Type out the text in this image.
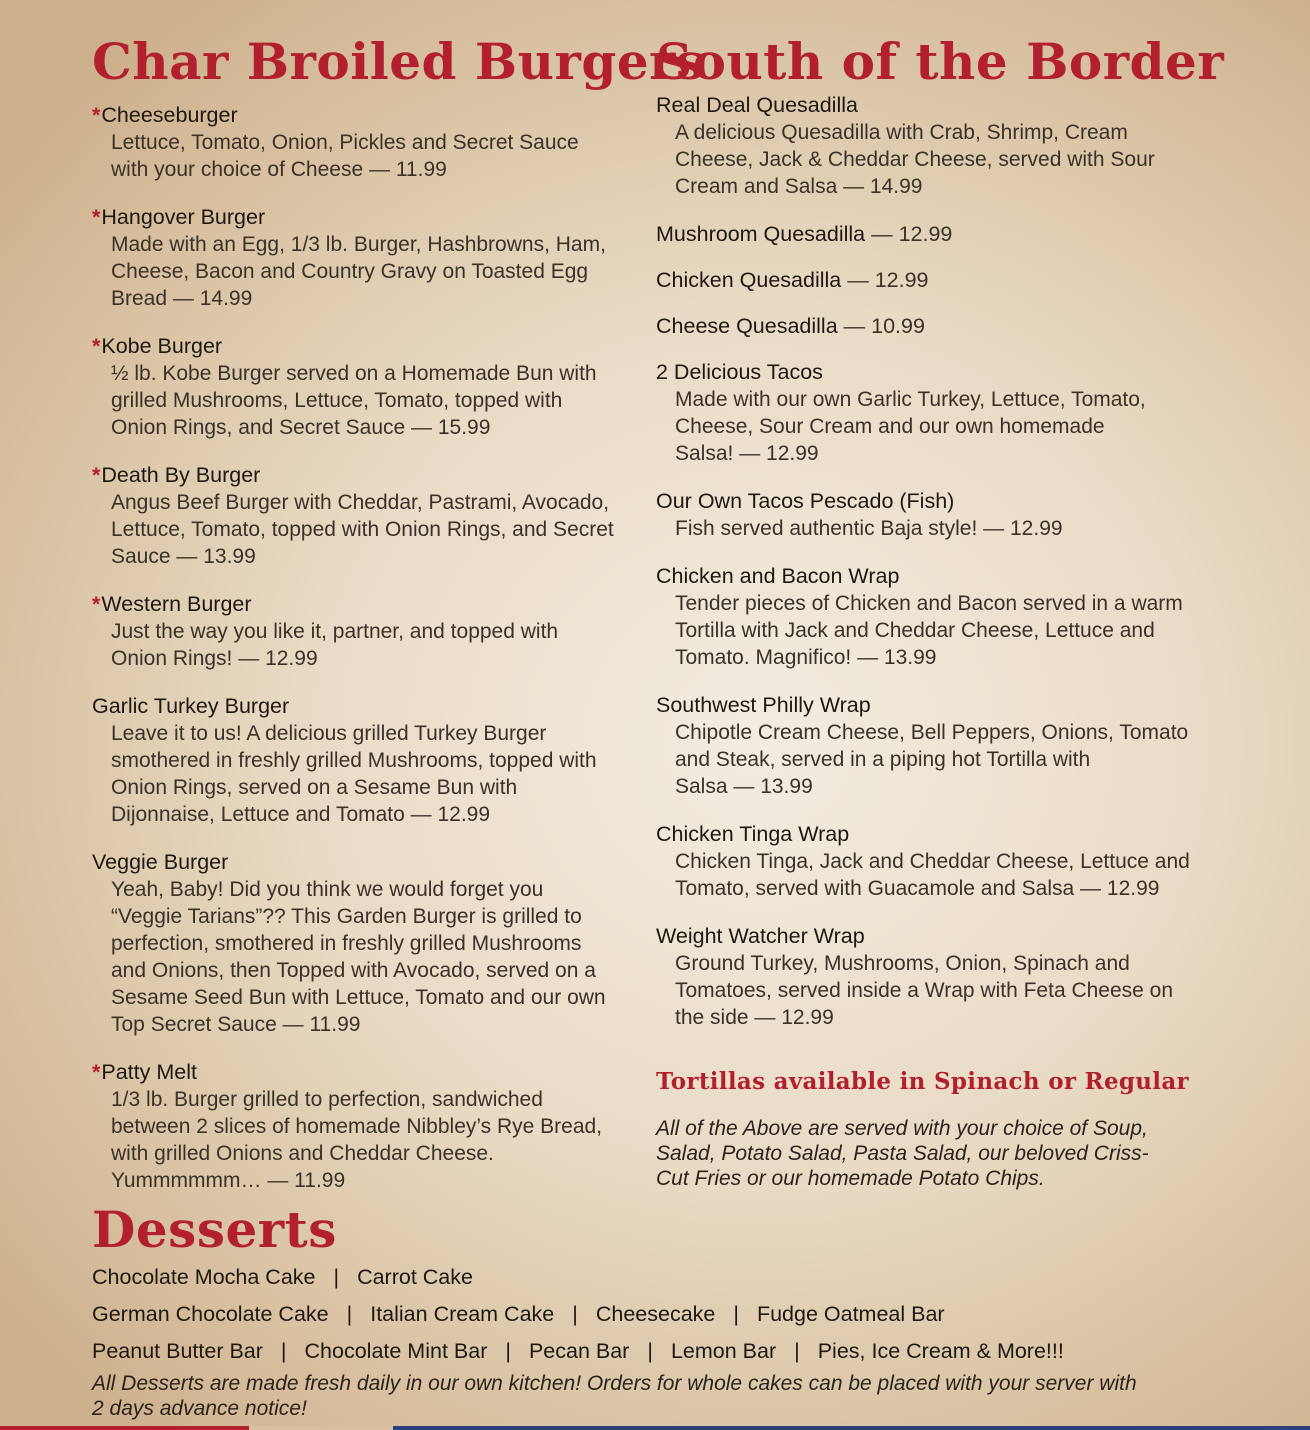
Char Broiled Burgers
*Cheeseburger
Lettuce, Tomato, Onion, Pickles and Secret Sauce with your choice of Cheese — 11.99
*Hangover Burger
Made with an Egg, 1/3 lb. Burger, Hashbrowns, Ham, Cheese, Bacon and Country Gravy on Toasted Egg Bread — 14.99
*Kobe Burger
½ lb. Kobe Burger served on a Homemade Bun with grilled Mushrooms, Lettuce, Tomato, topped with Onion Rings, and Secret Sauce — 15.99
*Death By Burger
Angus Beef Burger with Cheddar, Pastrami, Avocado, Lettuce, Tomato, topped with Onion Rings, and Secret Sauce — 13.99
*Western Burger
Just the way you like it, partner, and topped with Onion Rings! — 12.99
Garlic Turkey Burger
Leave it to us! A delicious grilled Turkey Burger smothered in freshly grilled Mushrooms, topped with Onion Rings, served on a Sesame Bun with Dijonnaise, Lettuce and Tomato — 12.99
Veggie Burger
Yeah, Baby! Did you think we would forget you “Veggie Tarians”?? This Garden Burger is grilled to perfection, smothered in freshly grilled Mushrooms and Onions, then Topped with Avocado, served on a Sesame Seed Bun with Lettuce, Tomato and our own Top Secret Sauce — 11.99
*Patty Melt
1/3 lb. Burger grilled to perfection, sandwiched between 2 slices of homemade Nibbley’s Rye Bread, with grilled Onions and Cheddar Cheese. Yummmmmm… — 11.99
South of the Border
Real Deal Quesadilla
A delicious Quesadilla with Crab, Shrimp, Cream Cheese, Jack & Cheddar Cheese, served with Sour Cream and Salsa — 14.99
Mushroom Quesadilla — 12.99
Chicken Quesadilla — 12.99
Cheese Quesadilla — 10.99
2 Delicious Tacos
Made with our own Garlic Turkey, Lettuce, Tomato, Cheese, Sour Cream and our own homemade Salsa! — 12.99
Our Own Tacos Pescado (Fish)
Fish served authentic Baja style! — 12.99
Chicken and Bacon Wrap
Tender pieces of Chicken and Bacon served in a warm Tortilla with Jack and Cheddar Cheese, Lettuce and Tomato. Magnifico! — 13.99
Southwest Philly Wrap
Chipotle Cream Cheese, Bell Peppers, Onions, Tomato and Steak, served in a piping hot Tortilla with Salsa — 13.99
Chicken Tinga Wrap
Chicken Tinga, Jack and Cheddar Cheese, Lettuce and Tomato, served with Guacamole and Salsa — 12.99
Weight Watcher Wrap
Ground Turkey, Mushrooms, Onion, Spinach and Tomatoes, served inside a Wrap with Feta Cheese on the side — 12.99

Tortillas available in Spinach or Regular

All of the Above are served with your choice of Soup, Salad, Potato Salad, Pasta Salad, our beloved Criss-Cut Fries or our homemade Potato Chips.

Desserts
Chocolate Mocha Cake | Carrot Cake
German Chocolate Cake | Italian Cream Cake | Cheesecake | Fudge Oatmeal Bar
Peanut Butter Bar | Chocolate Mint Bar | Pecan Bar | Lemon Bar | Pies, Ice Cream & More!!!
All Desserts are made fresh daily in our own kitchen! Orders for whole cakes can be placed with your server with 2 days advance notice!
